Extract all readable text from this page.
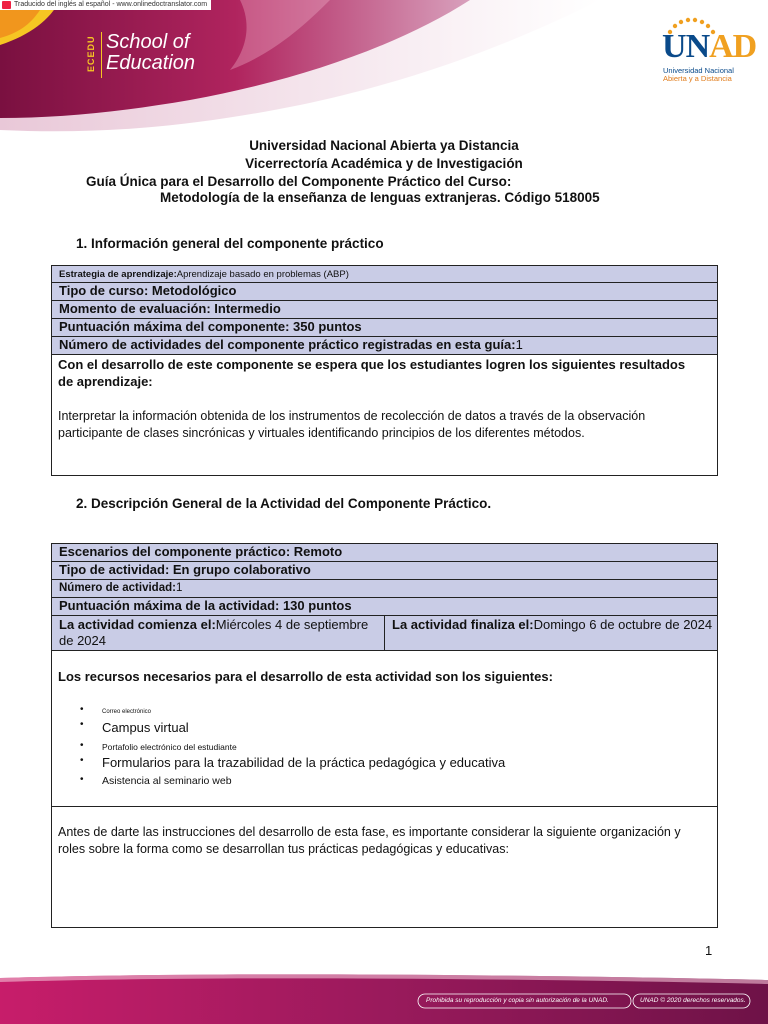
Traducido del inglés al español - www.onlinedoctranslator.com
ECEDU School of
Education	UNAD
Universidad Nacional
Abierta y a Distancia
Universidad Nacional Abierta ya Distancia
Vicerrectoría Académica y de Investigación
Guía Única para el Desarrollo del Componente Práctico del Curso:
Metodología de la enseñanza de lenguas extranjeras. Código 518005
1. Información general del componente práctico
Estrategia de aprendizaje:Aprendizaje basado en problemas (ABP)
Tipo de curso: Metodológico
Momento de evaluación: Intermedio
Puntuación máxima del componente: 350 puntos
Número de actividades del componente práctico registradas en esta guía:1
Con el desarrollo de este componente se espera que los estudiantes logren los siguientes resultados de aprendizaje:
Interpretar la información obtenida de los instrumentos de recolección de datos a través de la observación participante de clases sincrónicas y virtuales identificando principios de los diferentes métodos.
2. Descripción General de la Actividad del Componente Práctico.
Escenarios del componente práctico: Remoto
Tipo de actividad: En grupo colaborativo
Número de actividad:1
Puntuación máxima de la actividad: 130 puntos
La actividad comienza el:Miércoles 4 de septiembre de 2024
La actividad finaliza el:Domingo 6 de octubre de 2024
Los recursos necesarios para el desarrollo de esta actividad son los siguientes:
•	Correo electrónico
• Campus virtual
• Portafolio electrónico del estudiante
• Formularios para la trazabilidad de la práctica pedagógica y educativa
• Asistencia al seminario web
Antes de darte las instrucciones del desarrollo de esta fase, es importante considerar la siguiente organización y roles sobre la forma como se desarrollan tus prácticas pedagógicas y educativas:
1
Prohibida su reproducción y copia sin autorización de la UNAD.	UNAD © 2020 derechos reservados.
